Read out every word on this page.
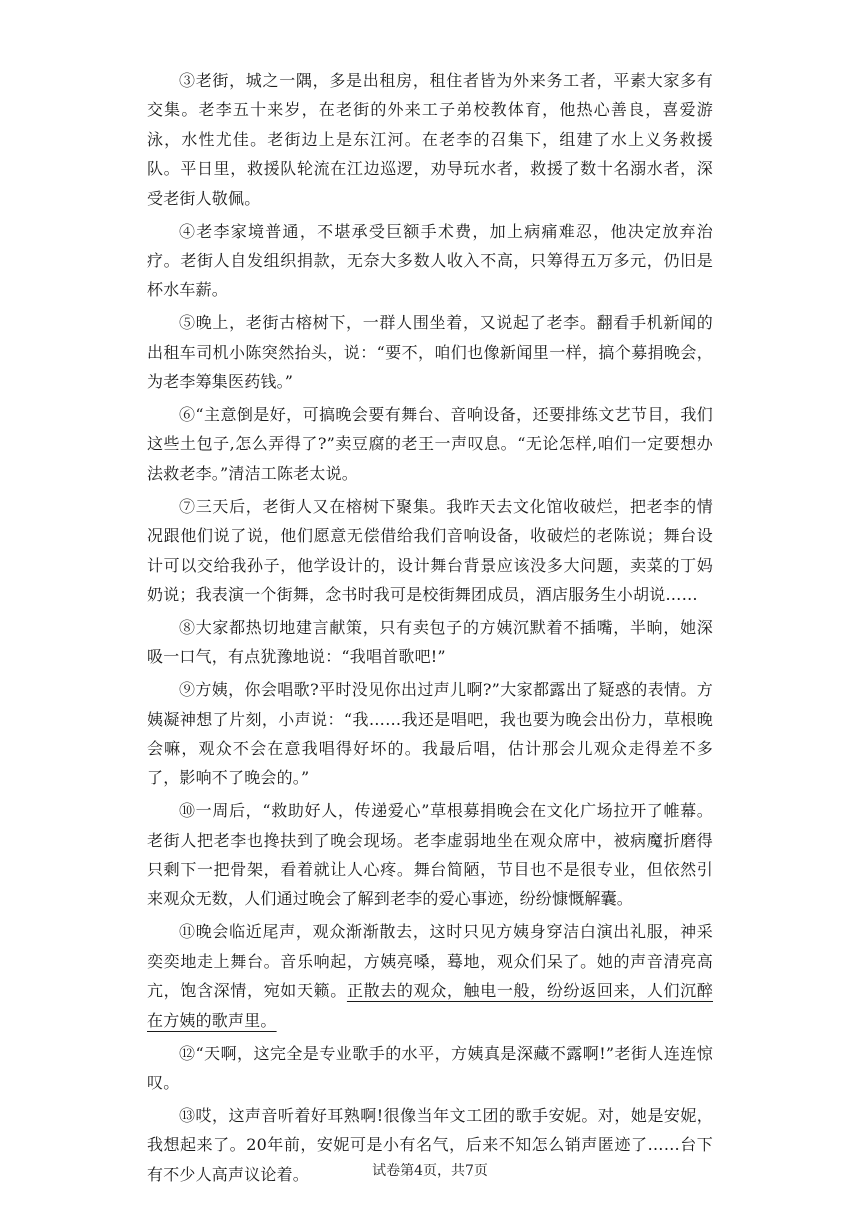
③老街，城之一隅，多是出租房，租住者皆为外来务工者，平素大家多有交集。老李五十来岁，在老街的外来工子弟校教体育，他热心善良，喜爱游泳，水性尤佳。老街边上是东江河。在老李的召集下，组建了水上义务救援队。平日里，救援队轮流在江边巡逻，劝导玩水者，救援了数十名溺水者，深受老街人敬佩。

④老李家境普通，不堪承受巨额手术费，加上病痛难忍，他决定放弃治疗。老街人自发组织捐款，无奈大多数人收入不高，只筹得五万多元，仍旧是杯水车薪。

⑤晚上，老街古榕树下，一群人围坐着，又说起了老李。翻看手机新闻的出租车司机小陈突然抬头，说：“要不，咱们也像新闻里一样，搞个募捐晚会，为老李筹集医药钱。”

⑥“主意倒是好，可搞晚会要有舞台、音响设备，还要排练文艺节目，我们这些土包子,怎么弄得了?”卖豆腐的老王一声叹息。“无论怎样,咱们一定要想办法救老李。”清洁工陈老太说。

⑦三天后，老街人又在榕树下聚集。我昨天去文化馆收破烂，把老李的情况跟他们说了说，他们愿意无偿借给我们音响设备，收破烂的老陈说；舞台设计可以交给我孙子，他学设计的，设计舞台背景应该没多大问题，卖菜的丁妈奶说；我表演一个街舞，念书时我可是校街舞团成员，酒店服务生小胡说……

⑧大家都热切地建言献策，只有卖包子的方姨沉默着不插嘴，半晌，她深吸一口气，有点犹豫地说：“我唱首歌吧!”

⑨方姨，你会唱歌?平时没见你出过声儿啊?”大家都露出了疑惑的表情。方姨凝神想了片刻，小声说：“我……我还是唱吧，我也要为晚会出份力，草根晚会嘛，观众不会在意我唱得好坏的。我最后唱，估计那会儿观众走得差不多了，影响不了晚会的。”

⑩一周后，“救助好人，传递爱心”草根募捐晚会在文化广场拉开了帷幕。老街人把老李也搀扶到了晚会现场。老李虚弱地坐在观众席中，被病魔折磨得只剩下一把骨架，看着就让人心疼。舞台简陋，节目也不是很专业，但依然引来观众无数，人们通过晚会了解到老李的爱心事迹，纷纷慷慨解囊。

⑪晚会临近尾声，观众渐渐散去，这时只见方姨身穿洁白演出礼服，神采奕奕地走上舞台。音乐响起，方姨亮嗓，蓦地，观众们呆了。她的声音清亮高亢，饱含深情，宛如天籁。正散去的观众，触电一般，纷纷返回来，人们沉醉在方姨的歌声里。

⑫“天啊，这完全是专业歌手的水平，方姨真是深藏不露啊!”老街人连连惊叹。

⑬哎，这声音听着好耳熟啊!很像当年文工团的歌手安妮。对，她是安妮，我想起来了。20年前，安妮可是小有名气，后来不知怎么销声匿迹了……台下有不少人高声议论着。	试卷第4页，共7页
